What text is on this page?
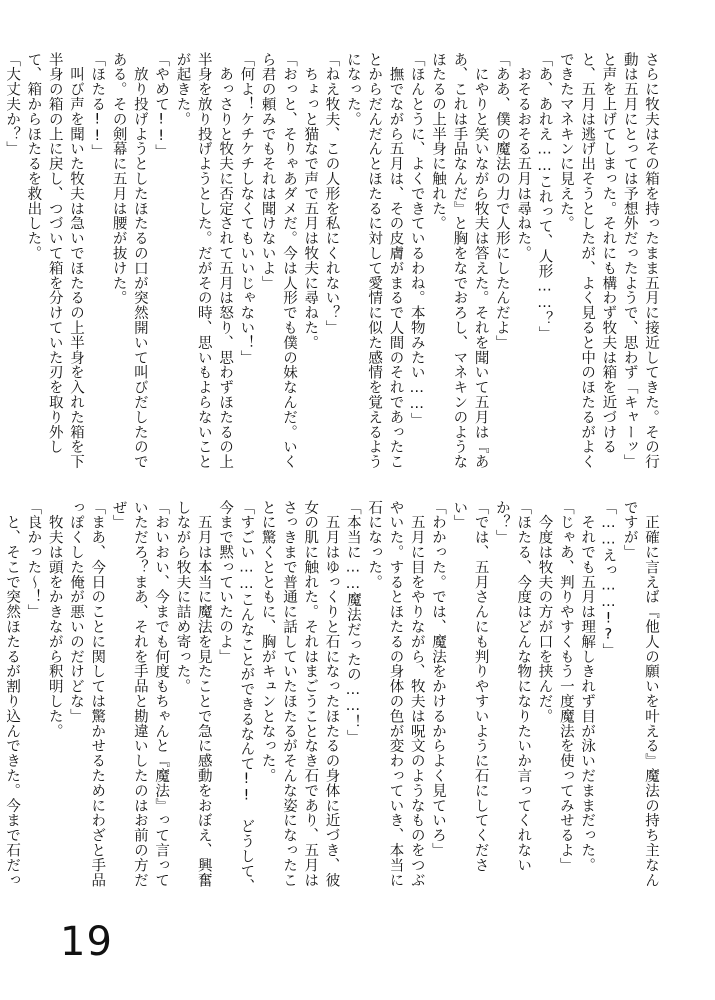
さらに牧夫はその箱を持ったまま五月に接近してきた。その行動は五月にとっては予想外だったようで、思わず「キャーッ」と声を上げてしまった。それにも構わず牧夫は箱を近づけると、五月は逃げ出そうとしたが、よく見ると中のほたるがよくできたマネキンに見えた。

「あ、あれえ……これって、人形……？」

　おそるおそる五月は尋ねた。

「ああ、僕の魔法の力で人形にしたんだよ」

　にやりと笑いながら牧夫は答えた。それを聞いて五月は『ああ、これは手品なんだ』と胸をなでおろし、マネキンのようなほたるの上半身に触れた。

「ほんとうに、よくできているわね。本物みたい……」

　撫でながら五月は、その皮膚がまるで人間のそれであったことからだんだんとほたるに対して愛情に似た感情を覚えるようになった。

「ねえ牧夫、この人形を私にくれない？」

　ちょっと猫なで声で五月は牧夫に尋ねた。

「おっと、そりゃあダメだ。今は人形でも僕の妹なんだ。いくら君の頼みでもそれは聞けないよ」

「何よ！ケチケチしなくてもいいじゃない！」

　あっさりと牧夫に否定されて五月は怒り、思わずほたるの上半身を放り投げようとした。だがその時、思いもよらないことが起きた。

「やめて!!」

　放り投げようとしたほたるの口が突然開いて叫びだしたのである。その剣幕に五月は腰が抜けた。

「ほたる!!」

　叫び声を聞いた牧夫は急いでほたるの上半身を入れた箱を下半身の箱の上に戻し、つづいて箱を分けていた刃を取り外して、箱からほたるを救出した。

「大丈夫か？」

　正確に言えば『他人の願いを叶える』魔法の持ち主なんですが」

「……えっ……!?」

　それでも五月は理解しきれず目が泳いだままだった。

「じゃあ、判りやすくもう一度魔法を使ってみせるよ」

　今度は牧夫の方が口を挟んだ。

「ほたる、今度はどんな物になりたいか言ってくれないか？」

「では、五月さんにも判りやすいように石にしてください」

「わかった。では、魔法をかけるからよく見ていろ」

　五月に目をやりながら、牧夫は呪文のようなものをつぶやいた。するとほたるの身体の色が変わっていき、本当に石になった。

「本当に……魔法だったの……！」

　五月はゆっくりと石になったほたるの身体に近づき、彼女の肌に触れた。それはまごうことなき石であり、五月はさっきまで普通に話していたほたるがそんな姿になったことに驚くとともに、胸がキュンとなった。

「すごい……こんなことができるなんて!!　どうして、今まで黙っていたのよ」

　五月は本当に魔法を見たことで急に感動をおぼえ、興奮しながら牧夫に詰め寄った。

「おいおい、今までも何度もちゃんと『魔法』って言っていただろ？まあ、それを手品と勘違いしたのはお前の方だぜ」

「まあ、今日のことに関しては驚かせるためにわざと手品っぽくした俺が悪いのだけどな」

　牧夫は頭をかきながら釈明した。

「良かった～！」

　と、そこで突然ほたるが割り込んできた。今まで石だっ

19
